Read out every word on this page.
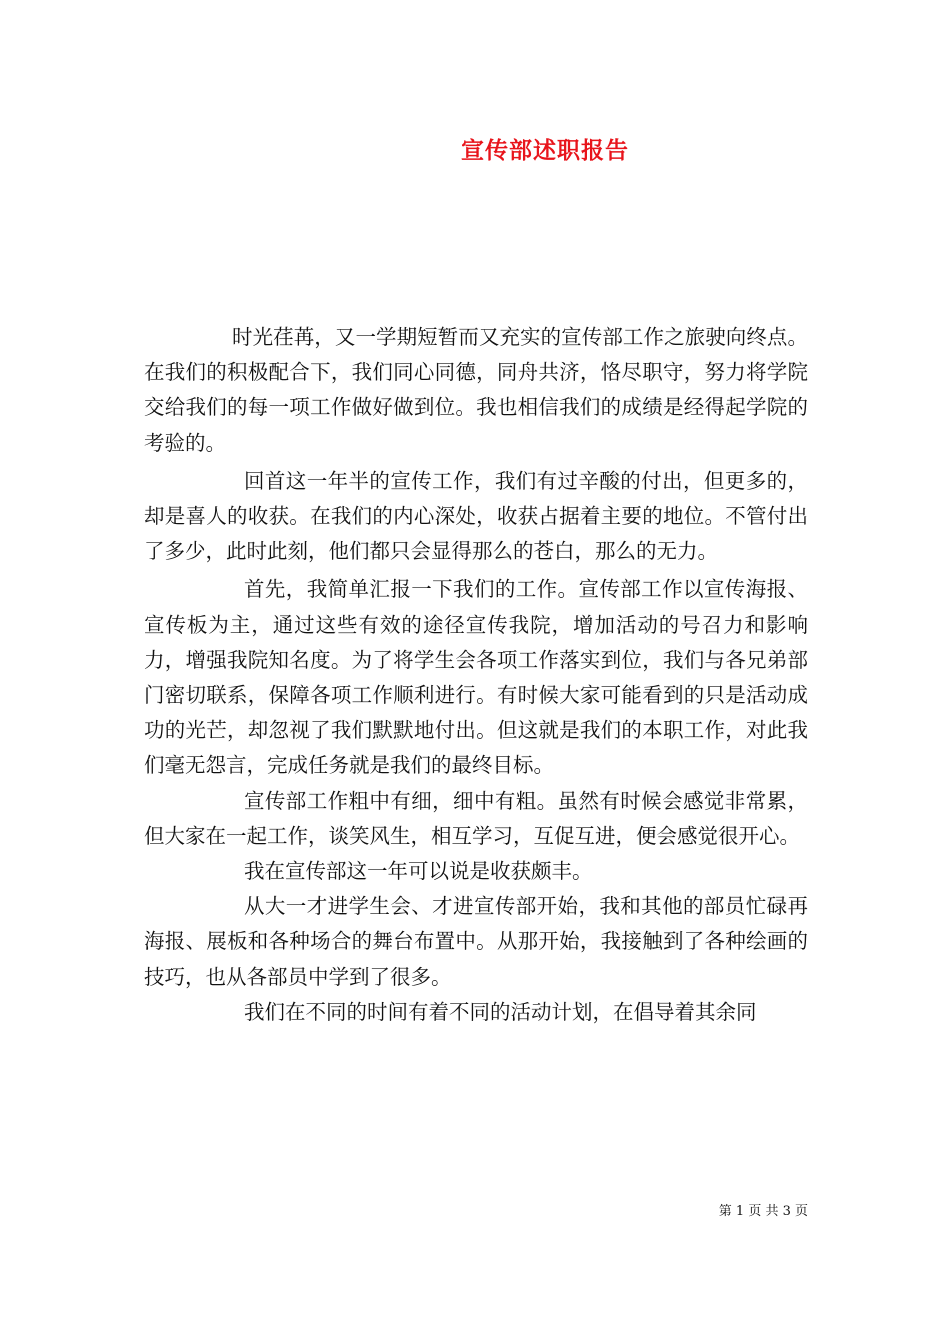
宣传部述职报告

时光荏苒，又一学期短暂而又充实的宣传部工作之旅驶向终点。在我们的积极配合下，我们同心同德，同舟共济，恪尽职守，努力将学院交给我们的每一项工作做好做到位。我也相信我们的成绩是经得起学院的考验的。

回首这一年半的宣传工作，我们有过辛酸的付出，但更多的，却是喜人的收获。在我们的内心深处，收获占据着主要的地位。不管付出了多少，此时此刻，他们都只会显得那么的苍白，那么的无力。

首先，我简单汇报一下我们的工作。宣传部工作以宣传海报、宣传板为主，通过这些有效的途径宣传我院，增加活动的号召力和影响力，增强我院知名度。为了将学生会各项工作落实到位，我们与各兄弟部门密切联系，保障各项工作顺利进行。有时候大家可能看到的只是活动成功的光芒，却忽视了我们默默地付出。但这就是我们的本职工作，对此我们毫无怨言，完成任务就是我们的最终目标。

宣传部工作粗中有细，细中有粗。虽然有时候会感觉非常累，但大家在一起工作，谈笑风生，相互学习，互促互进，便会感觉很开心。

我在宣传部这一年可以说是收获颇丰。

从大一才进学生会、才进宣传部开始，我和其他的部员忙碌再海报、展板和各种场合的舞台布置中。从那开始，我接触到了各种绘画的技巧，也从各部员中学到了很多。

我们在不同的时间有着不同的活动计划，在倡导着其余同

第 1 页 共 3 页
